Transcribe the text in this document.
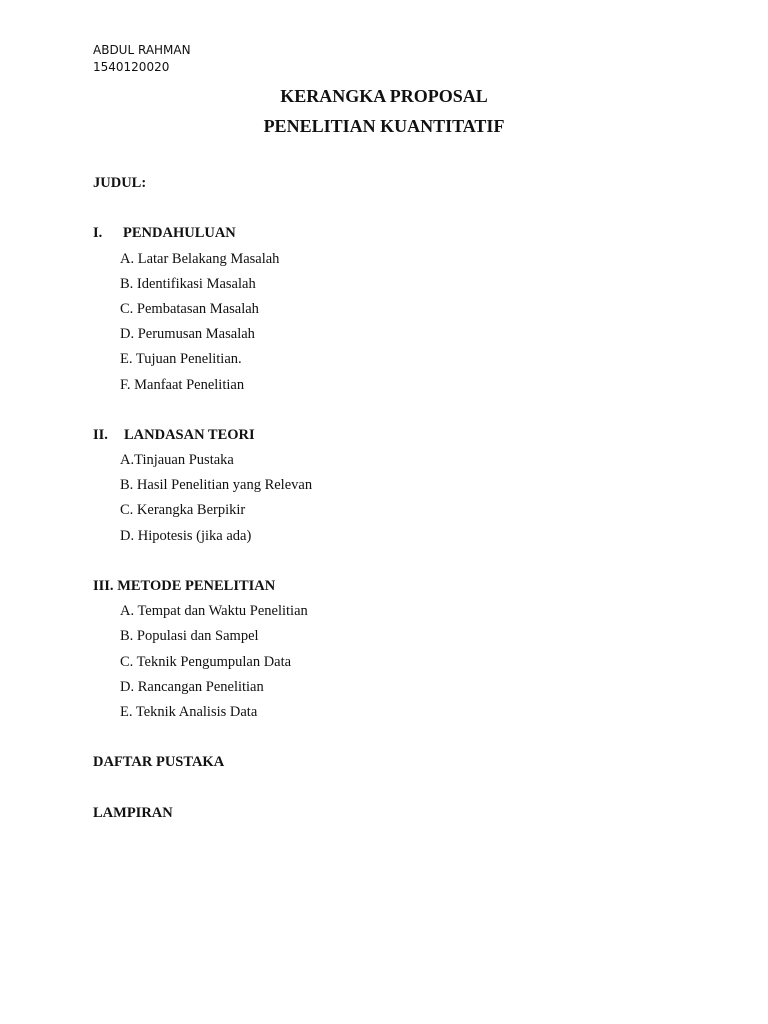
ABDUL RAHMAN
1540120020
KERANGKA PROPOSAL
PENELITIAN KUANTITATIF
JUDUL:
I. PENDAHULUAN
A. Latar Belakang Masalah
B. Identifikasi Masalah
C. Pembatasan Masalah
D. Perumusan Masalah
E. Tujuan Penelitian.
F. Manfaat Penelitian
II. LANDASAN TEORI
A.Tinjauan Pustaka
B. Hasil Penelitian yang Relevan
C. Kerangka Berpikir
D. Hipotesis (jika ada)
III. METODE PENELITIAN
A. Tempat dan Waktu Penelitian
B. Populasi dan Sampel
C. Teknik Pengumpulan Data
D. Rancangan Penelitian
E. Teknik Analisis Data
DAFTAR PUSTAKA
LAMPIRAN
